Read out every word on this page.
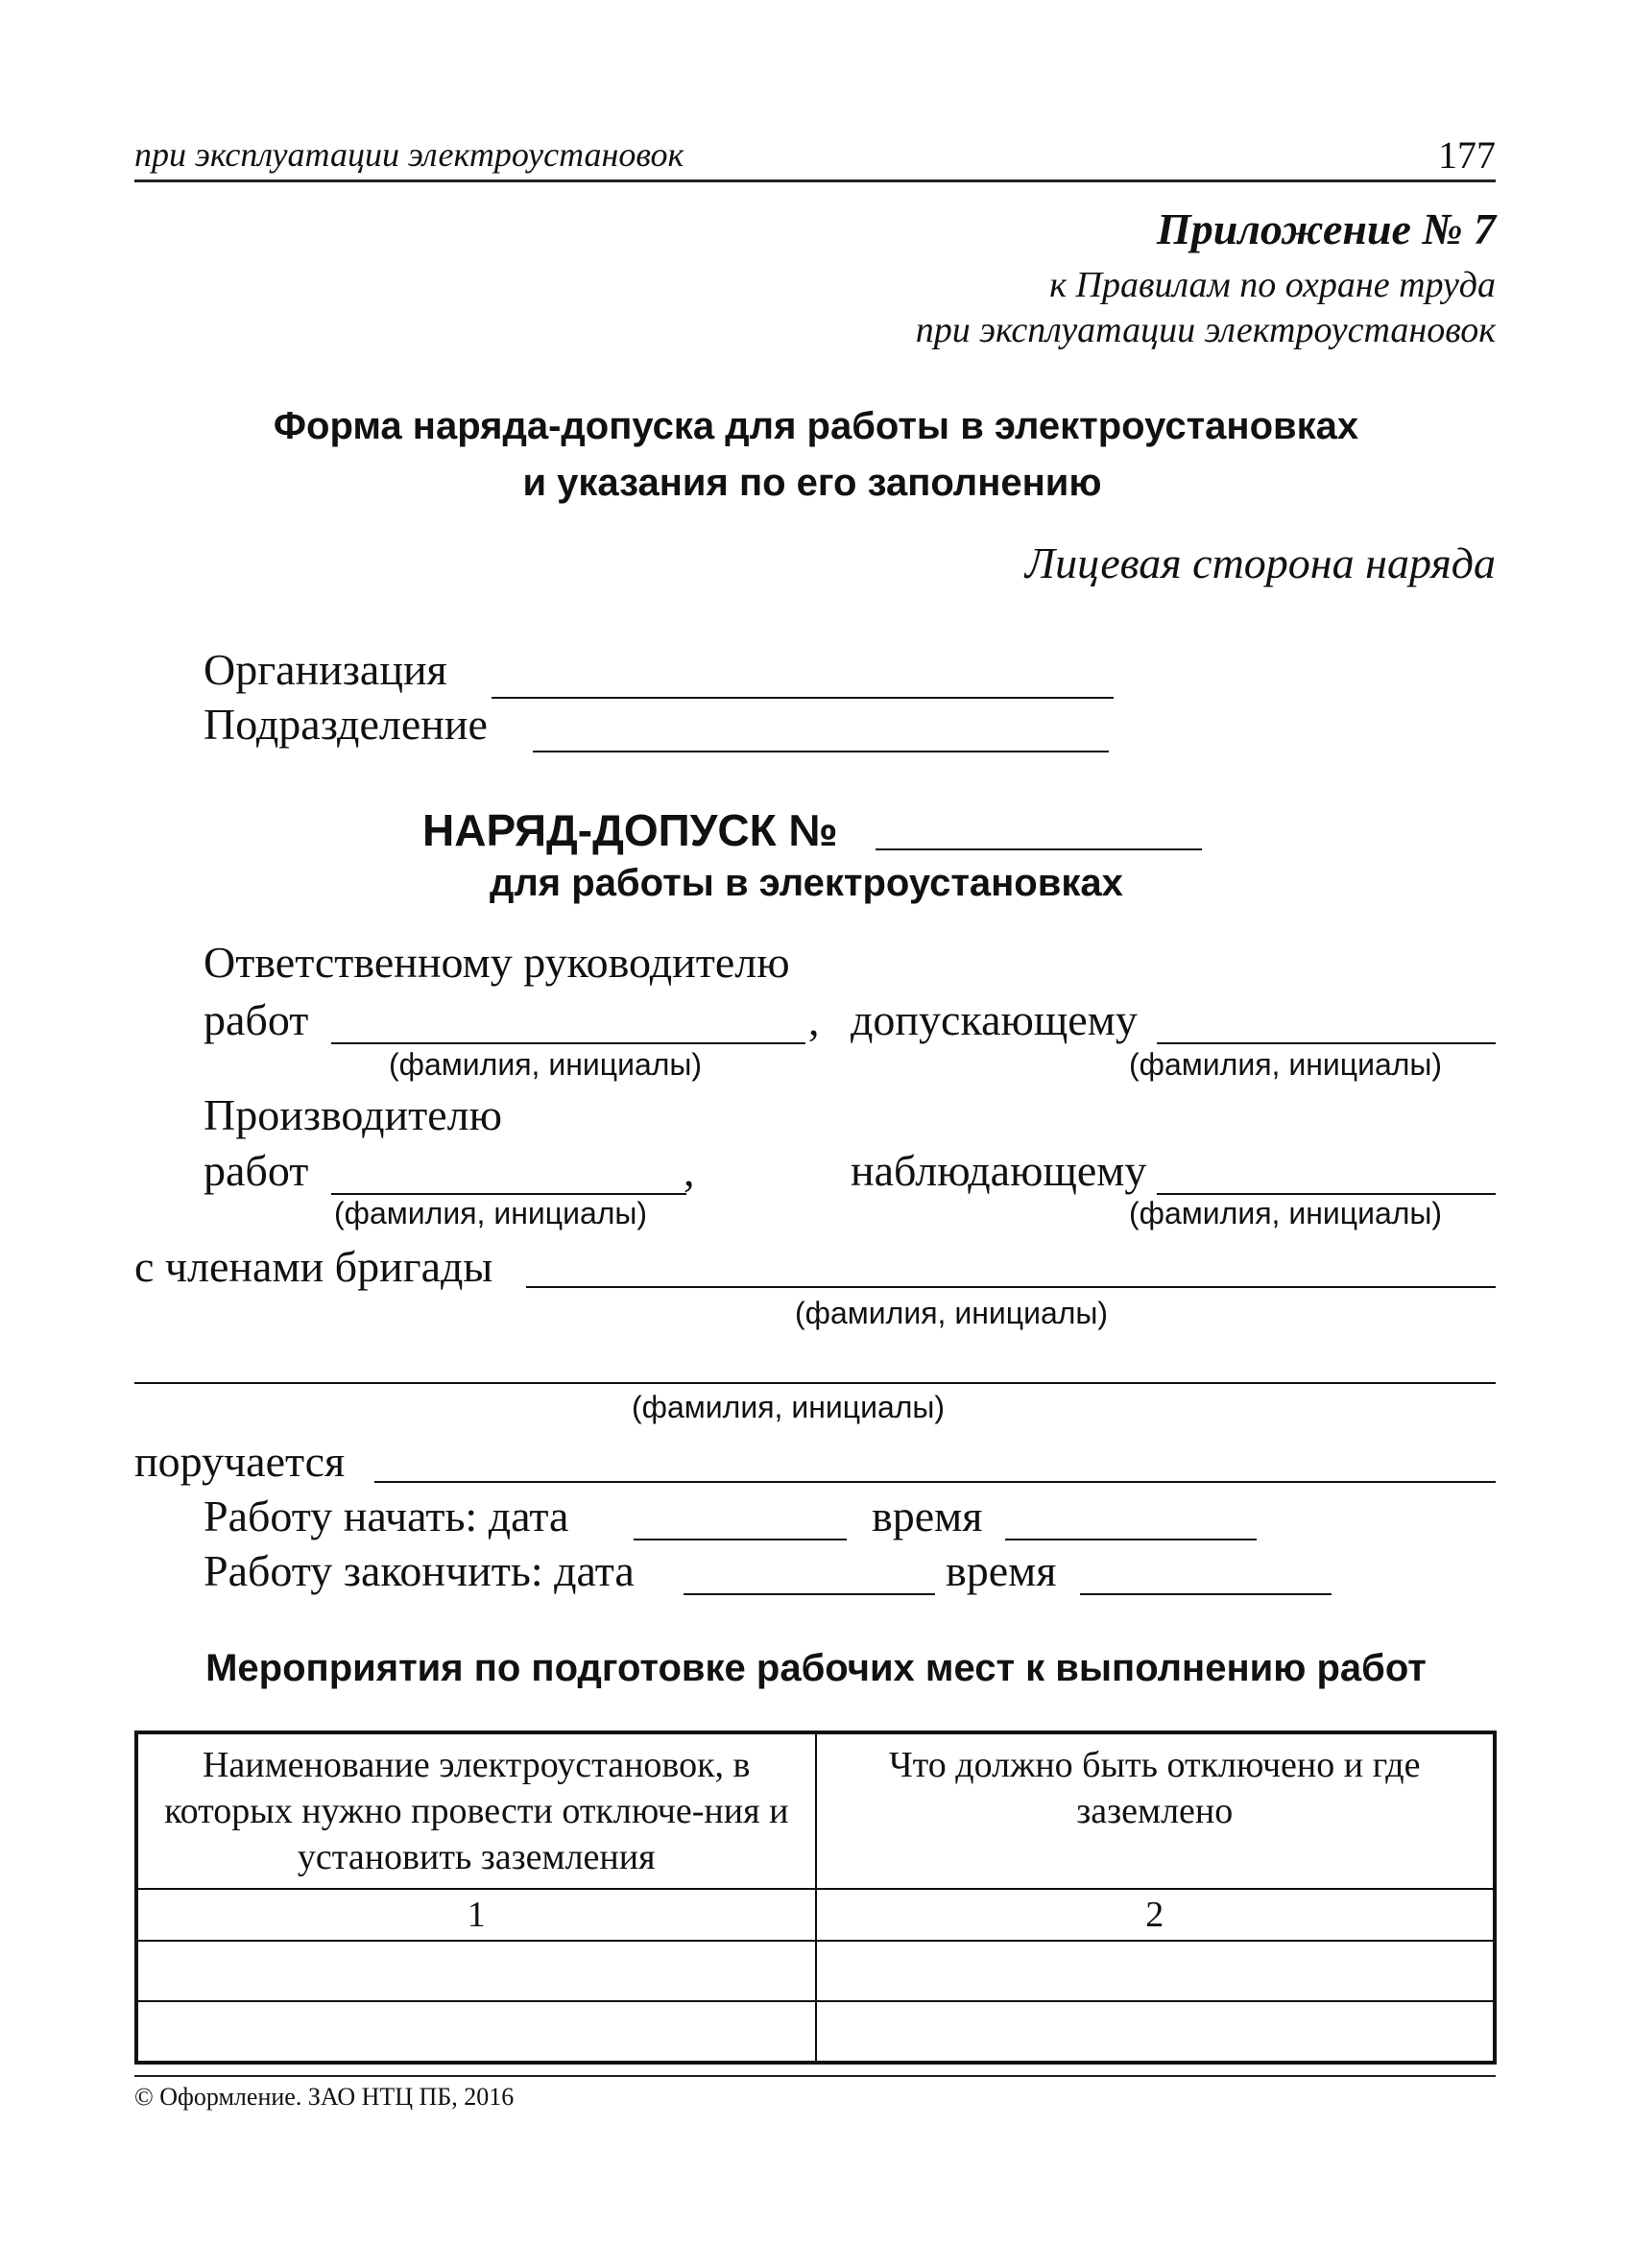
при эксплуатации электроустановок	177
Приложение № 7
к Правилам по охране труда
при эксплуатации электроустановок
Форма наряда-допуска для работы в электроустановках
и указания по его заполнению
Лицевая сторона наряда
Организация
Подразделение
НАРЯД-ДОПУСК №
для работы в электроустановках
Ответственному руководителю
работ	, допускающему
(фамилия, инициалы)	(фамилия, инициалы)
Производителю
работ	,	наблюдающему
(фамилия, инициалы)	(фамилия, инициалы)
с членами бригады
(фамилия, инициалы)
(фамилия, инициалы)
поручается
Работу начать: дата	время
Работу закончить: дата	время
Мероприятия по подготовке рабочих мест к выполнению работ
Наименование электроустановок, в которых нужно провести отключе-ния и установить заземления	Что должно быть отключено и где заземлено
1	2

© Оформление. ЗАО НТЦ ПБ, 2016
